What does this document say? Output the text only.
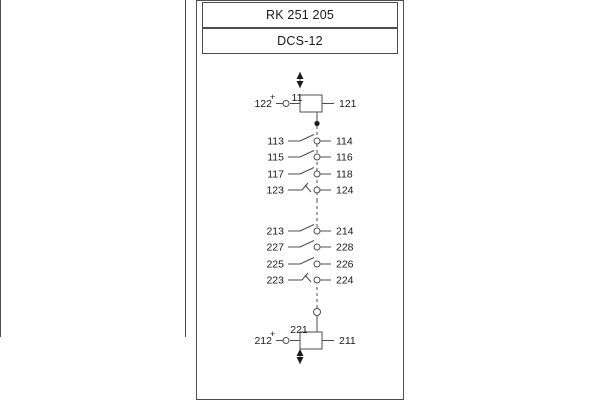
RK 251 205
DCS-12
11
+
122	121
113	114
115	116
117	118
123	124
213	214
227	228
225	226
223	224
221
+
212	211
